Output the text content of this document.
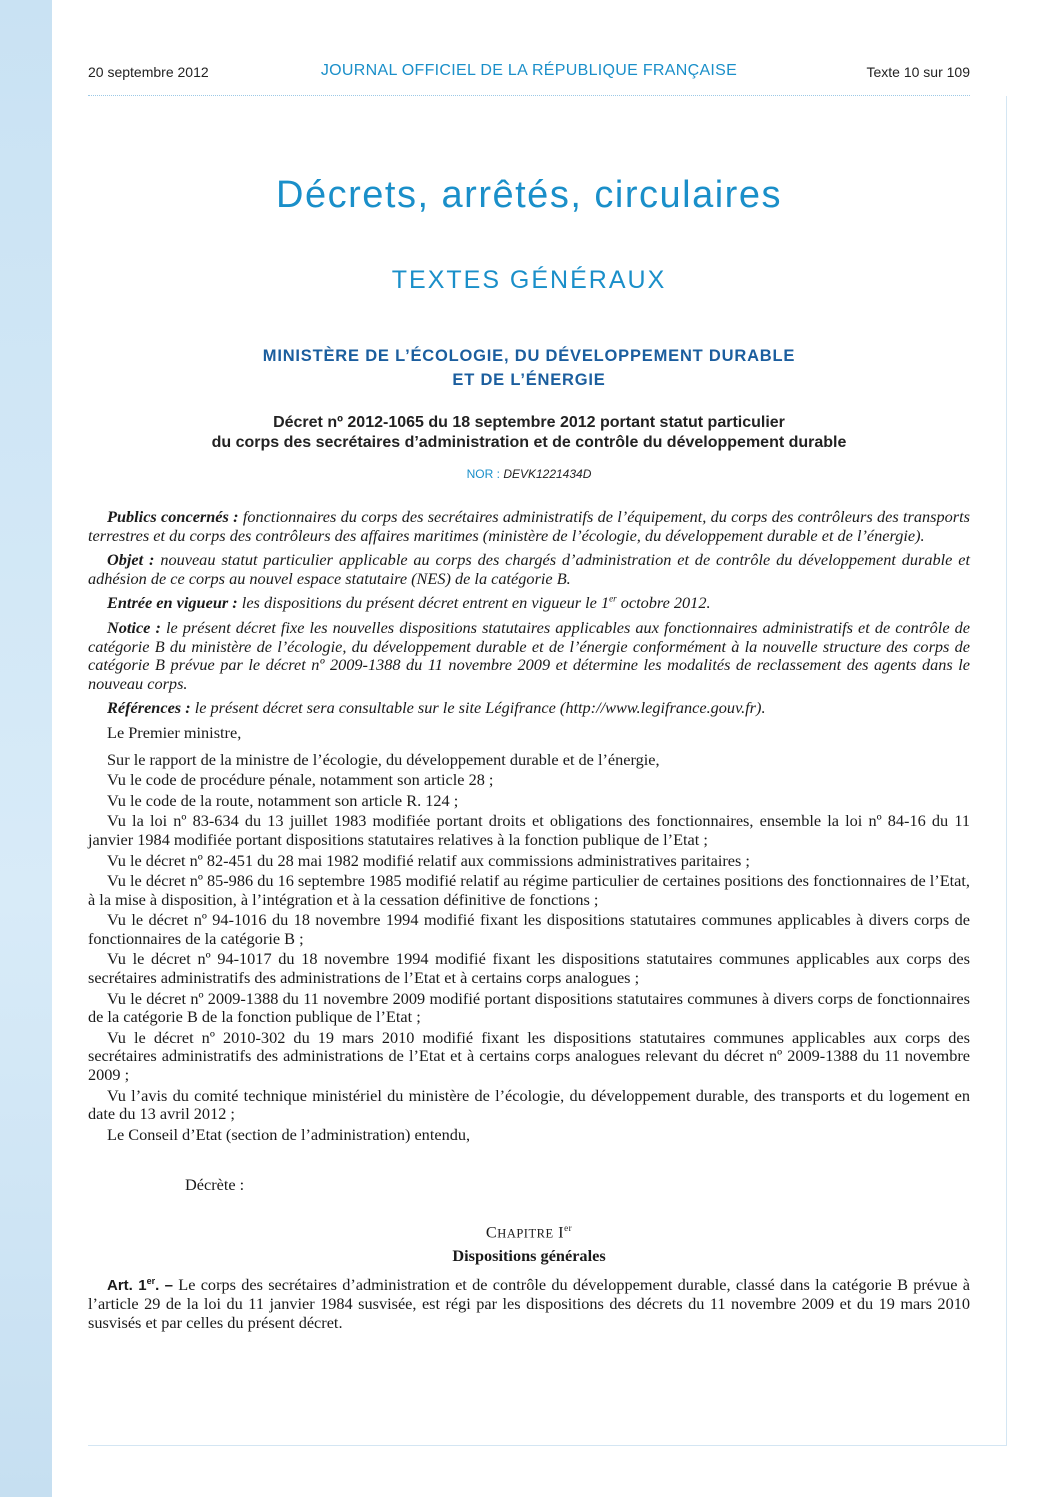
20 septembre 2012	JOURNAL OFFICIEL DE LA RÉPUBLIQUE FRANÇAISE	Texte 10 sur 109
Décrets, arrêtés, circulaires
TEXTES GÉNÉRAUX
MINISTÈRE DE L’ÉCOLOGIE, DU DÉVELOPPEMENT DURABLE
ET DE L’ÉNERGIE
Décret nº 2012-1065 du 18 septembre 2012 portant statut particulier
du corps des secrétaires d’administration et de contrôle du développement durable
NOR : DEVK1221434D

Publics concernés : fonctionnaires du corps des secrétaires administratifs de l’équipement, du corps des contrôleurs des transports terrestres et du corps des contrôleurs des affaires maritimes (ministère de l’écologie, du développement durable et de l’énergie).

Objet : nouveau statut particulier applicable au corps des chargés d’administration et de contrôle du développement durable et adhésion de ce corps au nouvel espace statutaire (NES) de la catégorie B.

Entrée en vigueur : les dispositions du présent décret entrent en vigueur le 1er octobre 2012.

Notice : le présent décret fixe les nouvelles dispositions statutaires applicables aux fonctionnaires administratifs et de contrôle de catégorie B du ministère de l’écologie, du développement durable et de l’énergie conformément à la nouvelle structure des corps de catégorie B prévue par le décret nº 2009-1388 du 11 novembre 2009 et détermine les modalités de reclassement des agents dans le nouveau corps.

Références : le présent décret sera consultable sur le site Légifrance (http://www.legifrance.gouv.fr).

Le Premier ministre,

Sur le rapport de la ministre de l’écologie, du développement durable et de l’énergie,

Vu le code de procédure pénale, notamment son article 28 ;

Vu le code de la route, notamment son article R. 124 ;

Vu la loi nº 83-634 du 13 juillet 1983 modifiée portant droits et obligations des fonctionnaires, ensemble la loi nº 84-16 du 11 janvier 1984 modifiée portant dispositions statutaires relatives à la fonction publique de l’Etat ;

Vu le décret nº 82-451 du 28 mai 1982 modifié relatif aux commissions administratives paritaires ;

Vu le décret nº 85-986 du 16 septembre 1985 modifié relatif au régime particulier de certaines positions des fonctionnaires de l’Etat, à la mise à disposition, à l’intégration et à la cessation définitive de fonctions ;

Vu le décret nº 94-1016 du 18 novembre 1994 modifié fixant les dispositions statutaires communes applicables à divers corps de fonctionnaires de la catégorie B ;

Vu le décret nº 94-1017 du 18 novembre 1994 modifié fixant les dispositions statutaires communes applicables aux corps des secrétaires administratifs des administrations de l’Etat et à certains corps analogues ;

Vu le décret nº 2009-1388 du 11 novembre 2009 modifié portant dispositions statutaires communes à divers corps de fonctionnaires de la catégorie B de la fonction publique de l’Etat ;

Vu le décret nº 2010-302 du 19 mars 2010 modifié fixant les dispositions statutaires communes applicables aux corps des secrétaires administratifs des administrations de l’Etat et à certains corps analogues relevant du décret nº 2009-1388 du 11 novembre 2009 ;

Vu l’avis du comité technique ministériel du ministère de l’écologie, du développement durable, des transports et du logement en date du 13 avril 2012 ;

Le Conseil d’Etat (section de l’administration) entendu,

Décrète :

CHAPITRE Ier

Dispositions générales

Art. 1er. – Le corps des secrétaires d’administration et de contrôle du développement durable, classé dans la catégorie B prévue à l’article 29 de la loi du 11 janvier 1984 susvisée, est régi par les dispositions des décrets du 11 novembre 2009 et du 19 mars 2010 susvisés et par celles du présent décret.
